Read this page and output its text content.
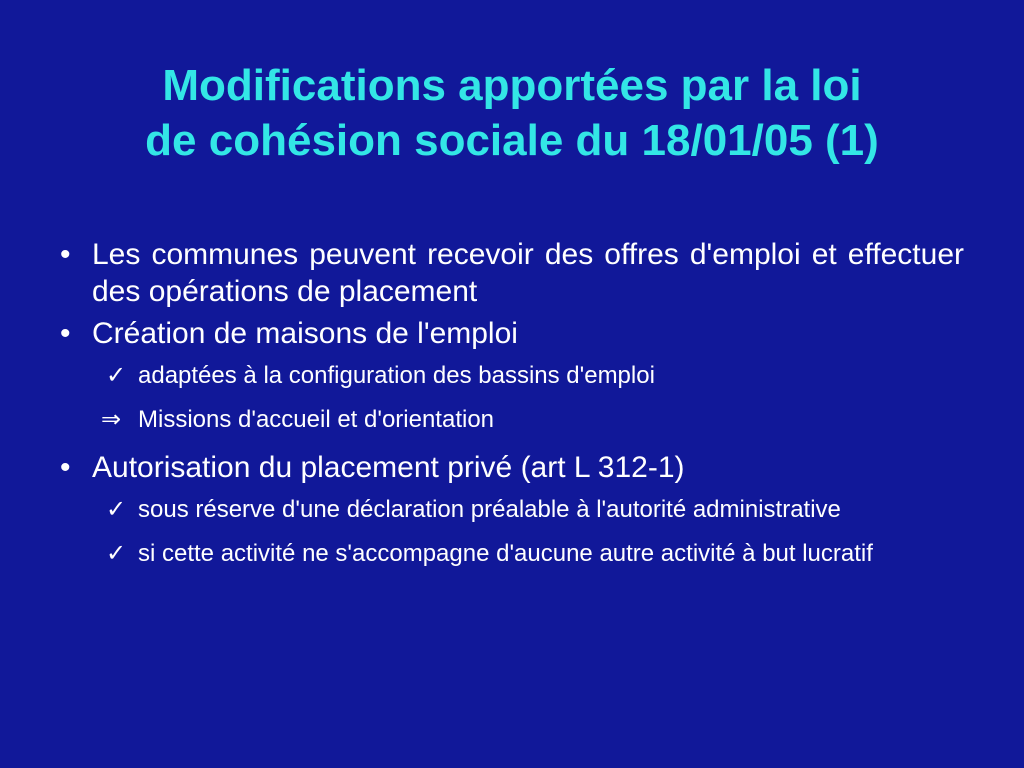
Modifications apportées par la loi
de cohésion sociale du 18/01/05 (1)
• Les communes peuvent recevoir des offres d'emploi et effectuer des opérations de placement
• Création de maisons de l'emploi
✓ adaptées à la configuration des bassins d'emploi
⇒ Missions d'accueil et d'orientation
• Autorisation du placement privé (art L 312-1)
✓ sous réserve d'une déclaration préalable à l'autorité administrative
✓ si cette activité ne s'accompagne d'aucune autre activité à but lucratif
